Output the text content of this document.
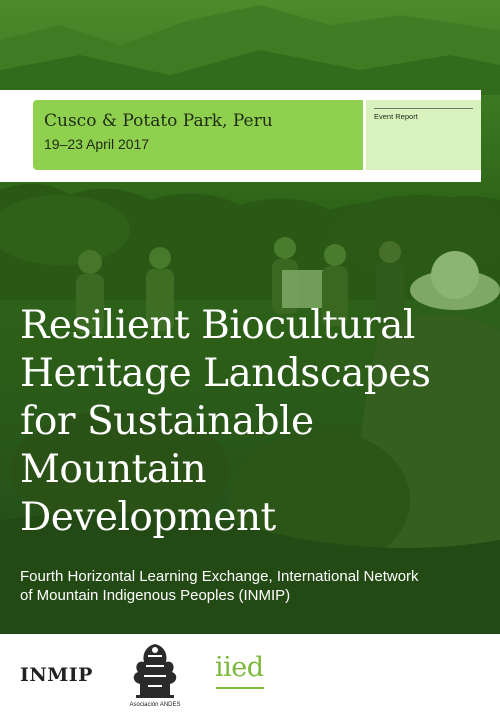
Cusco & Potato Park, Peru
19–23 April 2017
Event Report
Resilient Biocultural
Heritage Landscapes
for Sustainable
Mountain
Development
Fourth Horizontal Learning Exchange, International Network
of Mountain Indigenous Peoples (INMIP)
INMIP
Asociación ANDES
iied
